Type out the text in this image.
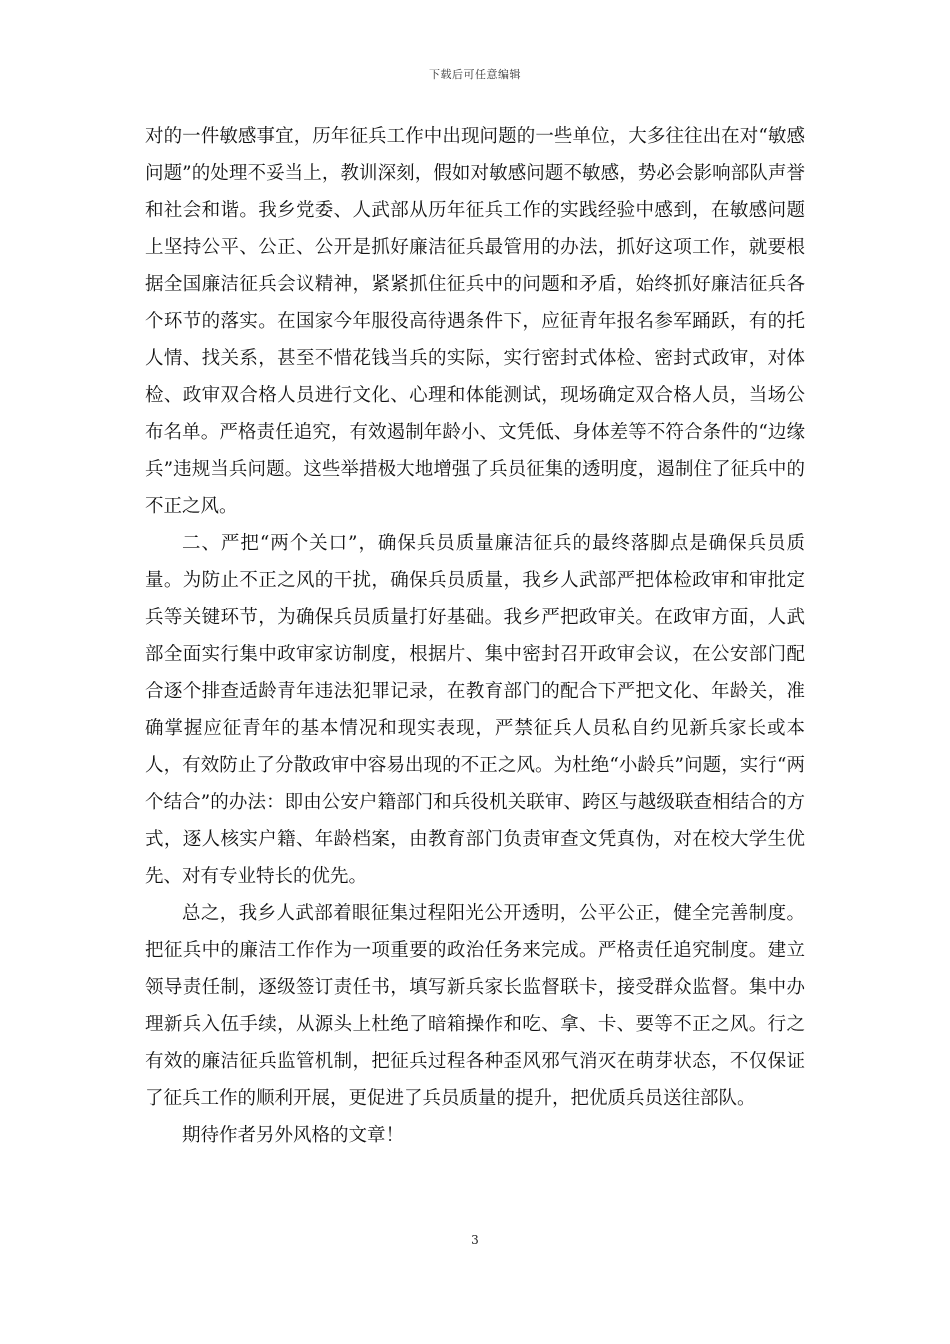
下载后可任意编辑

对的一件敏感事宜，历年征兵工作中出现问题的一些单位，大多往往出在对“敏感问题”的处理不妥当上，教训深刻，假如对敏感问题不敏感，势必会影响部队声誉和社会和谐。我乡党委、人武部从历年征兵工作的实践经验中感到，在敏感问题上坚持公平、公正、公开是抓好廉洁征兵最管用的办法，抓好这项工作，就要根据全国廉洁征兵会议精神，紧紧抓住征兵中的问题和矛盾，始终抓好廉洁征兵各个环节的落实。在国家今年服役高待遇条件下，应征青年报名参军踊跃，有的托人情、找关系，甚至不惜花钱当兵的实际，实行密封式体检、密封式政审，对体检、政审双合格人员进行文化、心理和体能测试，现场确定双合格人员，当场公布名单。严格责任追究，有效遏制年龄小、文凭低、身体差等不符合条件的“边缘兵”违规当兵问题。这些举措极大地增强了兵员征集的透明度，遏制住了征兵中的不正之风。

二、严把“两个关口”，确保兵员质量廉洁征兵的最终落脚点是确保兵员质量。为防止不正之风的干扰，确保兵员质量，我乡人武部严把体检政审和审批定兵等关键环节，为确保兵员质量打好基础。我乡严把政审关。在政审方面，人武部全面实行集中政审家访制度，根据片、集中密封召开政审会议，在公安部门配合逐个排查适龄青年违法犯罪记录，在教育部门的配合下严把文化、年龄关，准确掌握应征青年的基本情况和现实表现，严禁征兵人员私自约见新兵家长或本人，有效防止了分散政审中容易出现的不正之风。为杜绝“小龄兵”问题，实行“两个结合”的办法：即由公安户籍部门和兵役机关联审、跨区与越级联查相结合的方式，逐人核实户籍、年龄档案，由教育部门负责审查文凭真伪，对在校大学生优先、对有专业特长的优先。

总之，我乡人武部着眼征集过程阳光公开透明，公平公正，健全完善制度。把征兵中的廉洁工作作为一项重要的政治任务来完成。严格责任追究制度。建立领导责任制，逐级签订责任书，填写新兵家长监督联卡，接受群众监督。集中办理新兵入伍手续，从源头上杜绝了暗箱操作和吃、拿、卡、要等不正之风。行之有效的廉洁征兵监管机制，把征兵过程各种歪风邪气消灭在萌芽状态，不仅保证了征兵工作的顺利开展，更促进了兵员质量的提升，把优质兵员送往部队。

期待作者另外风格的文章！

3
